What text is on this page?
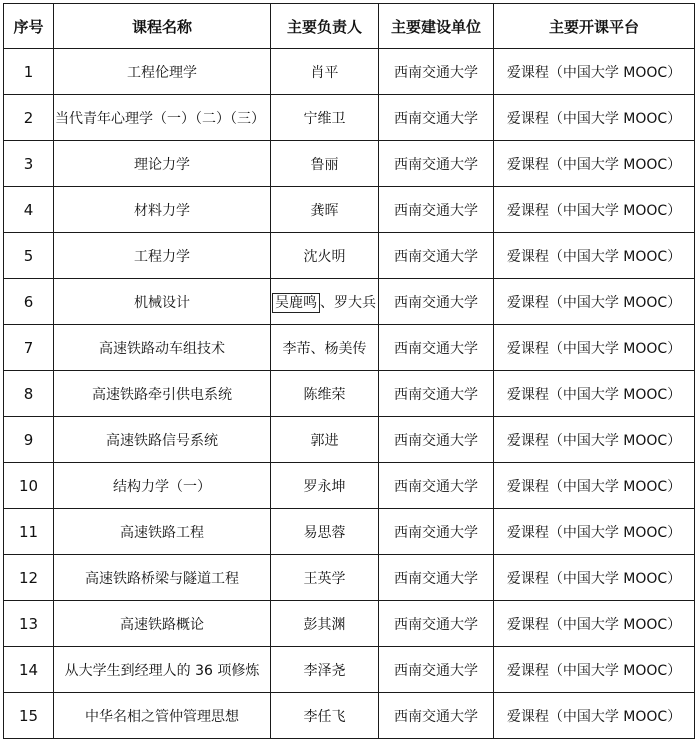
序号	课程名称	主要负责人	主要建设单位	主要开课平台
1	工程伦理学	肖平	西南交通大学	爱课程（中国大学 MOOC）
2	当代青年心理学（一）（二）（三）	宁维卫	西南交通大学	爱课程（中国大学 MOOC）
3	理论力学	鲁丽	西南交通大学	爱课程（中国大学 MOOC）
4	材料力学	龚晖	西南交通大学	爱课程（中国大学 MOOC）
5	工程力学	沈火明	西南交通大学	爱课程（中国大学 MOOC）
6	机械设计	吴鹿鸣 、罗大兵	西南交通大学	爱课程（中国大学 MOOC）
7	高速铁路动车组技术	李芾、杨美传	西南交通大学	爱课程（中国大学 MOOC）
8	高速铁路牵引供电系统	陈维荣	西南交通大学	爱课程（中国大学 MOOC）
9	高速铁路信号系统	郭进	西南交通大学	爱课程（中国大学 MOOC）
10	结构力学（一）	罗永坤	西南交通大学	爱课程（中国大学 MOOC）
11	高速铁路工程	易思蓉	西南交通大学	爱课程（中国大学 MOOC）
12	高速铁路桥梁与隧道工程	王英学	西南交通大学	爱课程（中国大学 MOOC）
13	高速铁路概论	彭其渊	西南交通大学	爱课程（中国大学 MOOC）
14	从大学生到经理人的 36 项修炼	李泽尧	西南交通大学	爱课程（中国大学 MOOC）
15	中华名相之管仲管理思想	李任飞	西南交通大学	爱课程（中国大学 MOOC）
